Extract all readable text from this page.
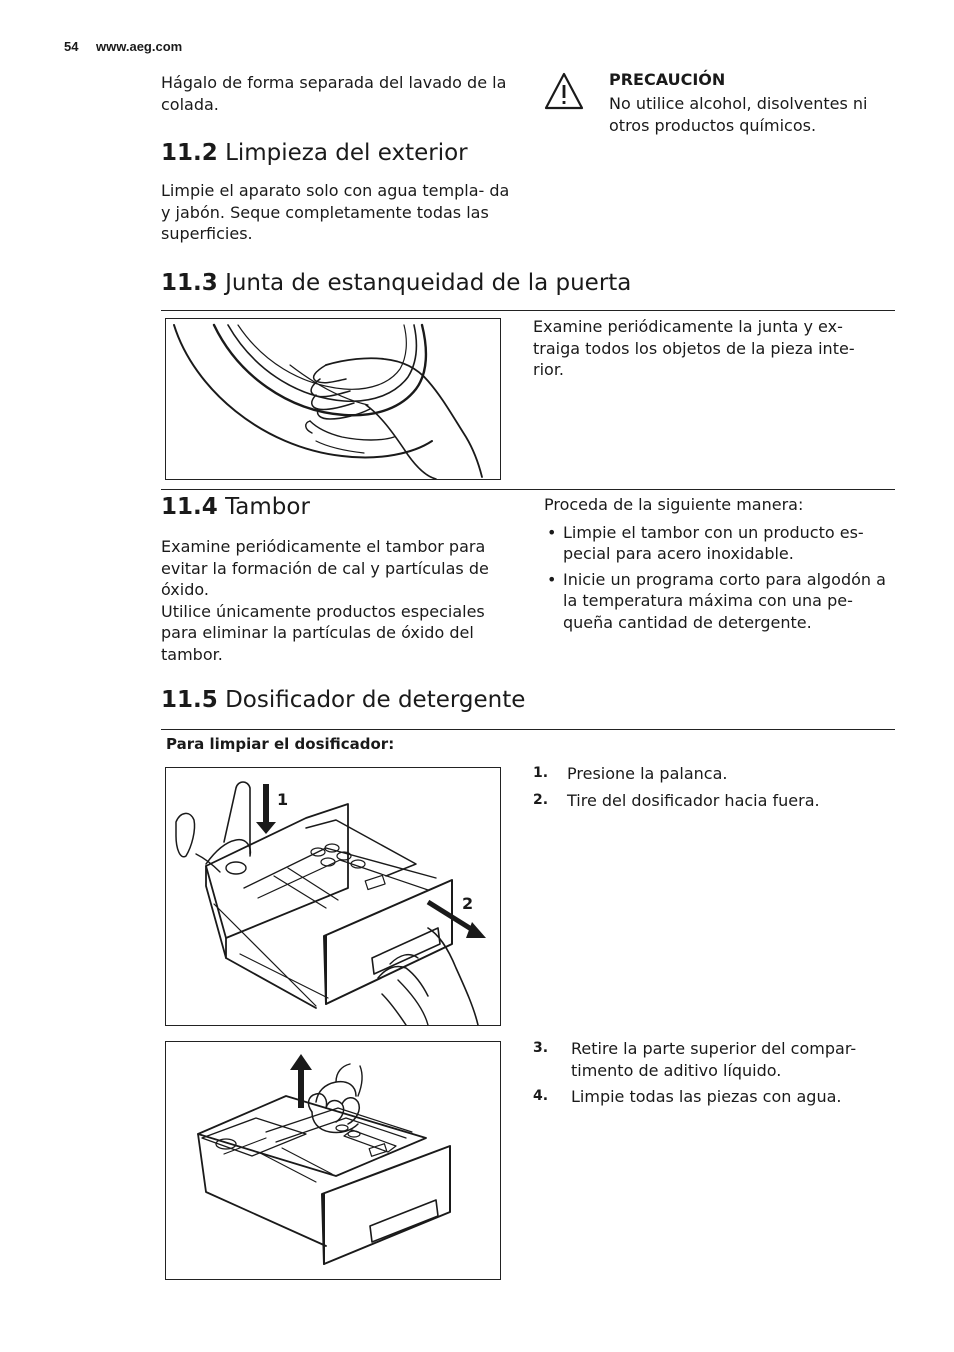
54 www.aeg.com
Hágalo de forma separada del lavado de la colada.
PRECAUCIÓN
No utilice alcohol, disolventes ni otros productos químicos.
11.2 Limpieza del exterior
Limpie el aparato solo con agua templa- da y jabón. Seque completamente todas las superficies.
11.3 Junta de estanqueidad de la puerta
Examine periódicamente la junta y ex- traiga todos los objetos de la pieza inte- rior.
11.4 Tambor
Examine periódicamente el tambor para evitar la formación de cal y partículas de óxido.
Utilice únicamente productos especiales para eliminar la partículas de óxido del tambor.
Proceda de la siguiente manera:
• Limpie el tambor con un producto es- pecial para acero inoxidable.
• Inicie un programa corto para algodón a la temperatura máxima con una pe- queña cantidad de detergente.
11.5 Dosificador de detergente
Para limpiar el dosificador:
1
2
1. Presione la palanca.
2. Tire del dosificador hacia fuera.
3. Retire la parte superior del compar- timento de aditivo líquido.
4. Limpie todas las piezas con agua.
